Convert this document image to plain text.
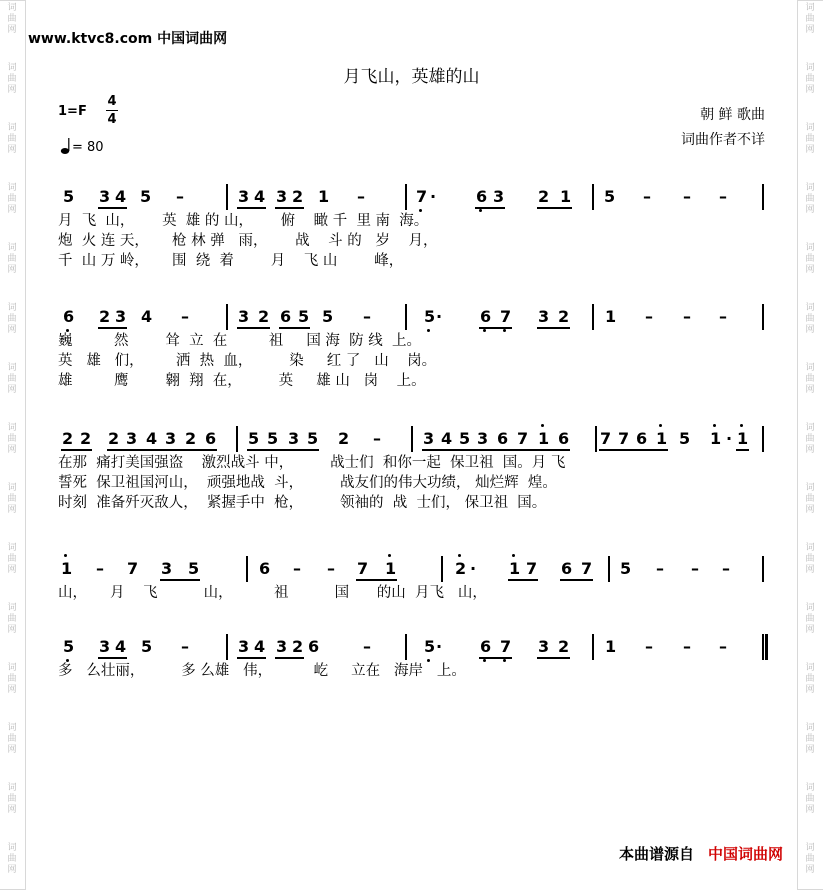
词
曲
网
词
曲
网
词
曲
网
词
曲
网
词
曲
网
词
曲
网
词
曲
网
词
曲
网
词
曲
网
词
曲
网
词
曲
网
词
曲
网
词
曲
网
词
曲
网
词
曲
网
词
曲
网
词
曲
网
词
曲
网
词
曲
网
词
曲
网
词
曲
网
词
曲
网
词
曲
网
词
曲
网
词
曲
网
词
曲
网
词
曲
网
词
曲
网
词
曲
网
词
曲
网
www.ktvc8.com 中国词曲网
月飞山，英雄的山
1=F
4
4
= 80
朝 鲜 歌曲
词曲作者不详
5 3 4 5 –	3 4 3 2 1 –	7 · 6 3 2 1 5 – – –
月  飞  山，      英  雄 的 山，      俯    瞰 千  里 南  海。
炮  火 连 天，     枪 林 弹   雨，      战    斗 的   岁    月，
千  山 万 岭，     围  绕  着        月    飞 山        峰，
6 2 3 4 –	3 2 6 5 5 –	5 · 6 7 3 2 1 – – –
巍         然        耸  立  在         祖     国 海  防 线  上。
英   雄   们，       洒  热  血，        染     红 了   山    岗。
雄         鹰        翱  翔  在，        英     雄 山   岗    上。
2 2 2 3 4 3 2 6 5 5 3 5 2 –	3 4 5 3 6 7 1 6 7 7 6 1 5 1 · 1
在那  痛打美国强盗    激烈战斗 中，        战士们  和你一起  保卫祖  国。月 飞
誓死  保卫祖国河山，  顽强地战  斗，        战友们的伟大功绩， 灿烂辉  煌。
时刻  准备歼灭敌人，  紧握手中  枪，        领袖的  战  士们， 保卫祖  国。
1 – 7 3 5	6 – – 7 1	2 · 1 7 6 7 5 – – –
山，     月    飞          山，         祖          国      的山  月飞   山，
5 3 4 5 –	3 4 3 2 6	–	5 · 6 7 3 2 1 – – –
多   么壮丽，        多 么雄   伟，         屹     立在   海岸   上。
本曲谱源自 中国词曲网
